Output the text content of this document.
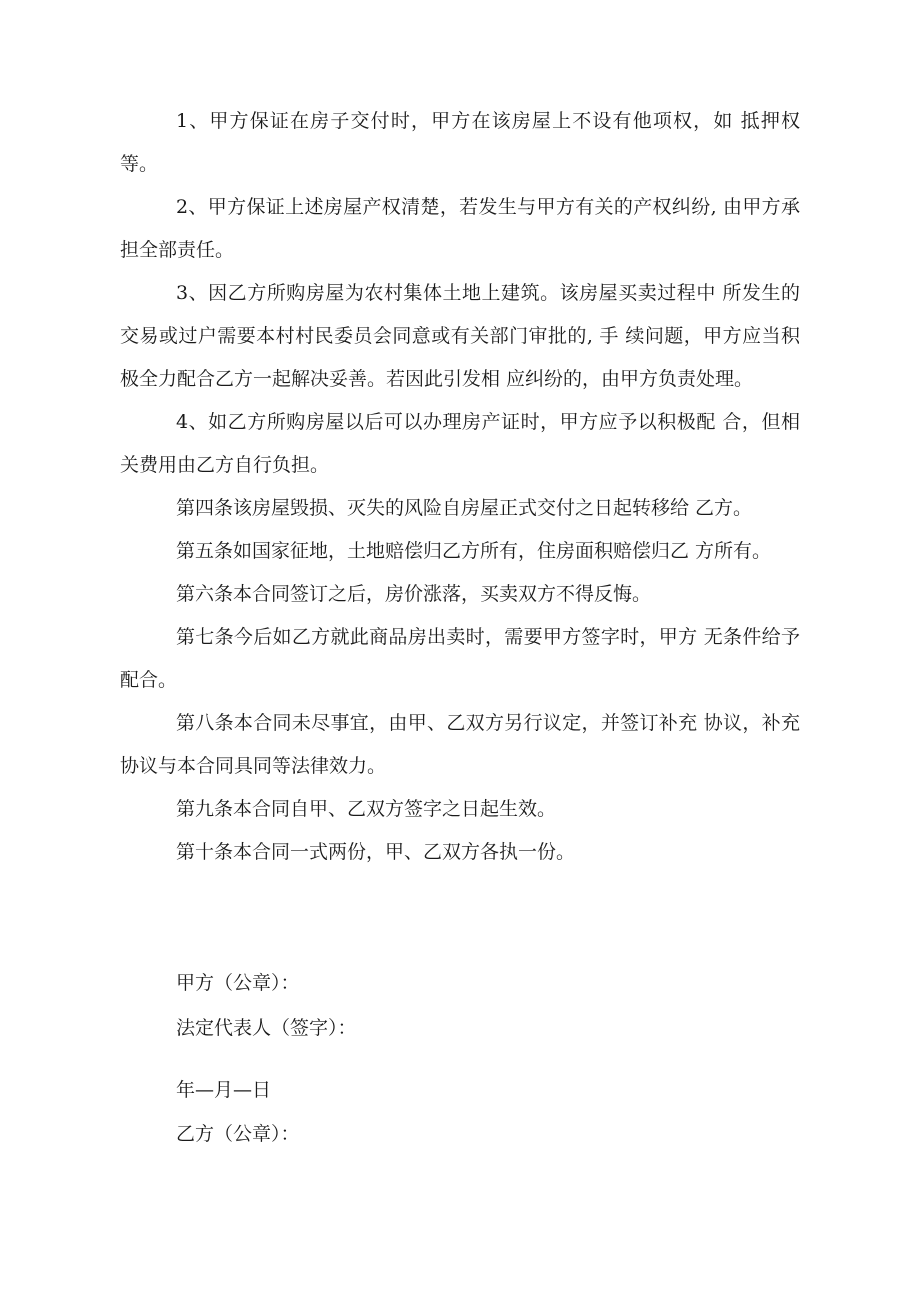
1、甲方保证在房子交付时，甲方在该房屋上不设有他项权，如 抵押权等。

2、甲方保证上述房屋产权清楚，若发生与甲方有关的产权纠纷, 由甲方承担全部责任。

3、因乙方所购房屋为农村集体土地上建筑。该房屋买卖过程中 所发生的交易或过户需要本村村民委员会同意或有关部门审批的, 手 续问题，甲方应当积极全力配合乙方一起解决妥善。若因此引发相 应纠纷的，由甲方负责处理。

4、如乙方所购房屋以后可以办理房产证时，甲方应予以积极配 合，但相关费用由乙方自行负担。

第四条该房屋毁损、灭失的风险自房屋正式交付之日起转移给 乙方。

第五条如国家征地，土地赔偿归乙方所有，住房面积赔偿归乙 方所有。

第六条本合同签订之后，房价涨落，买卖双方不得反悔。

第七条今后如乙方就此商品房出卖时，需要甲方签字时，甲方 无条件给予配合。

第八条本合同未尽事宜，由甲、乙双方另行议定，并签订补充 协议，补充协议与本合同具同等法律效力。

第九条本合同自甲、乙双方签字之日起生效。

第十条本合同一式两份，甲、乙双方各执一份。

甲方（公章）：
法定代表人（签字）：
年—月—日
乙方（公章）：
